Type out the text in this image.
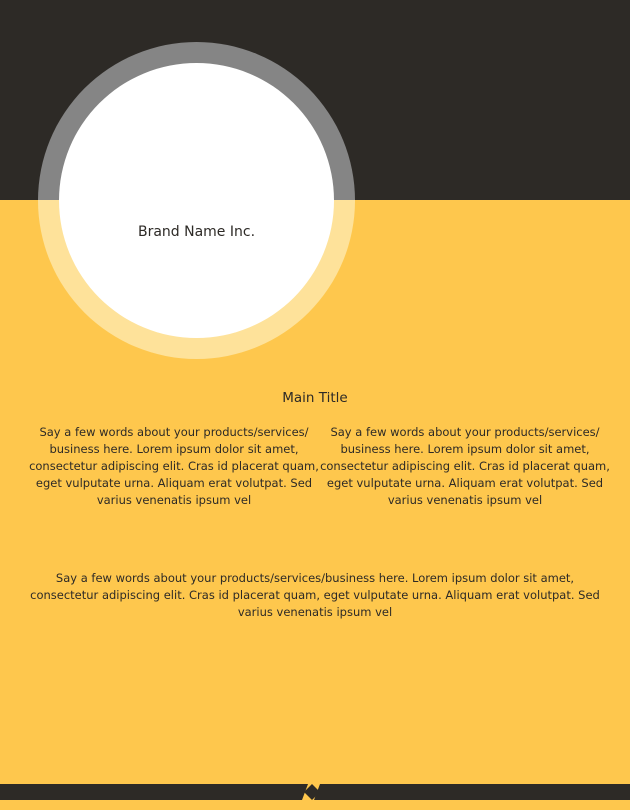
Brand Name Inc.
Main Title
Say a few words about your products/services/ business here. Lorem ipsum dolor sit amet, consectetur adipiscing elit. Cras id placerat quam, eget vulputate urna. Aliquam erat volutpat. Sed varius venenatis ipsum vel
Say a few words about your products/services/ business here. Lorem ipsum dolor sit amet, consectetur adipiscing elit. Cras id placerat quam, eget vulputate urna. Aliquam erat volutpat. Sed varius venenatis ipsum vel
Say a few words about your products/services/business here. Lorem ipsum dolor sit amet, consectetur adipiscing elit. Cras id placerat quam, eget vulputate urna. Aliquam erat volutpat. Sed varius venenatis ipsum vel
